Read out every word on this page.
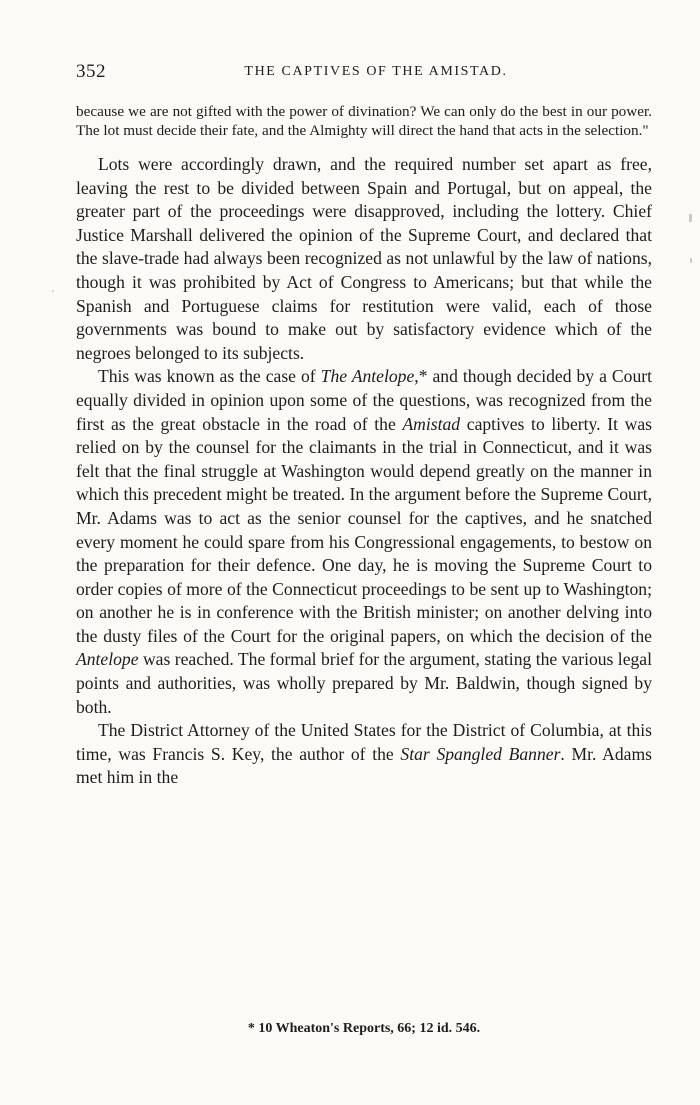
352	THE CAPTIVES OF THE AMISTAD.

because we are not gifted with the power of divination? We can only do the best in our power. The lot must decide their fate, and the Almighty will direct the hand that acts in the selection."

Lots were accordingly drawn, and the required number set apart as free, leaving the rest to be divided between Spain and Portugal, but on appeal, the greater part of the proceedings were disapproved, including the lottery. Chief Justice Marshall delivered the opinion of the Supreme Court, and declared that the slave-trade had always been recognized as not unlawful by the law of nations, though it was prohibited by Act of Congress to Americans; but that while the Spanish and Portuguese claims for restitution were valid, each of those governments was bound to make out by satisfactory evidence which of the negroes belonged to its subjects.

This was known as the case of The Antelope,* and though decided by a Court equally divided in opinion upon some of the questions, was recognized from the first as the great obstacle in the road of the Amistad captives to liberty. It was relied on by the counsel for the claimants in the trial in Connecticut, and it was felt that the final struggle at Washington would depend greatly on the manner in which this precedent might be treated. In the argument before the Supreme Court, Mr. Adams was to act as the senior counsel for the captives, and he snatched every moment he could spare from his Congressional engagements, to bestow on the preparation for their defence. One day, he is moving the Supreme Court to order copies of more of the Connecticut proceedings to be sent up to Washington; on another he is in conference with the British minister; on another delving into the dusty files of the Court for the original papers, on which the decision of the Antelope was reached. The formal brief for the argument, stating the various legal points and authorities, was wholly prepared by Mr. Baldwin, though signed by both.

The District Attorney of the United States for the District of Columbia, at this time, was Francis S. Key, the author of the Star Spangled Banner. Mr. Adams met him in the

* 10 Wheaton's Reports, 66; 12 id. 546.
